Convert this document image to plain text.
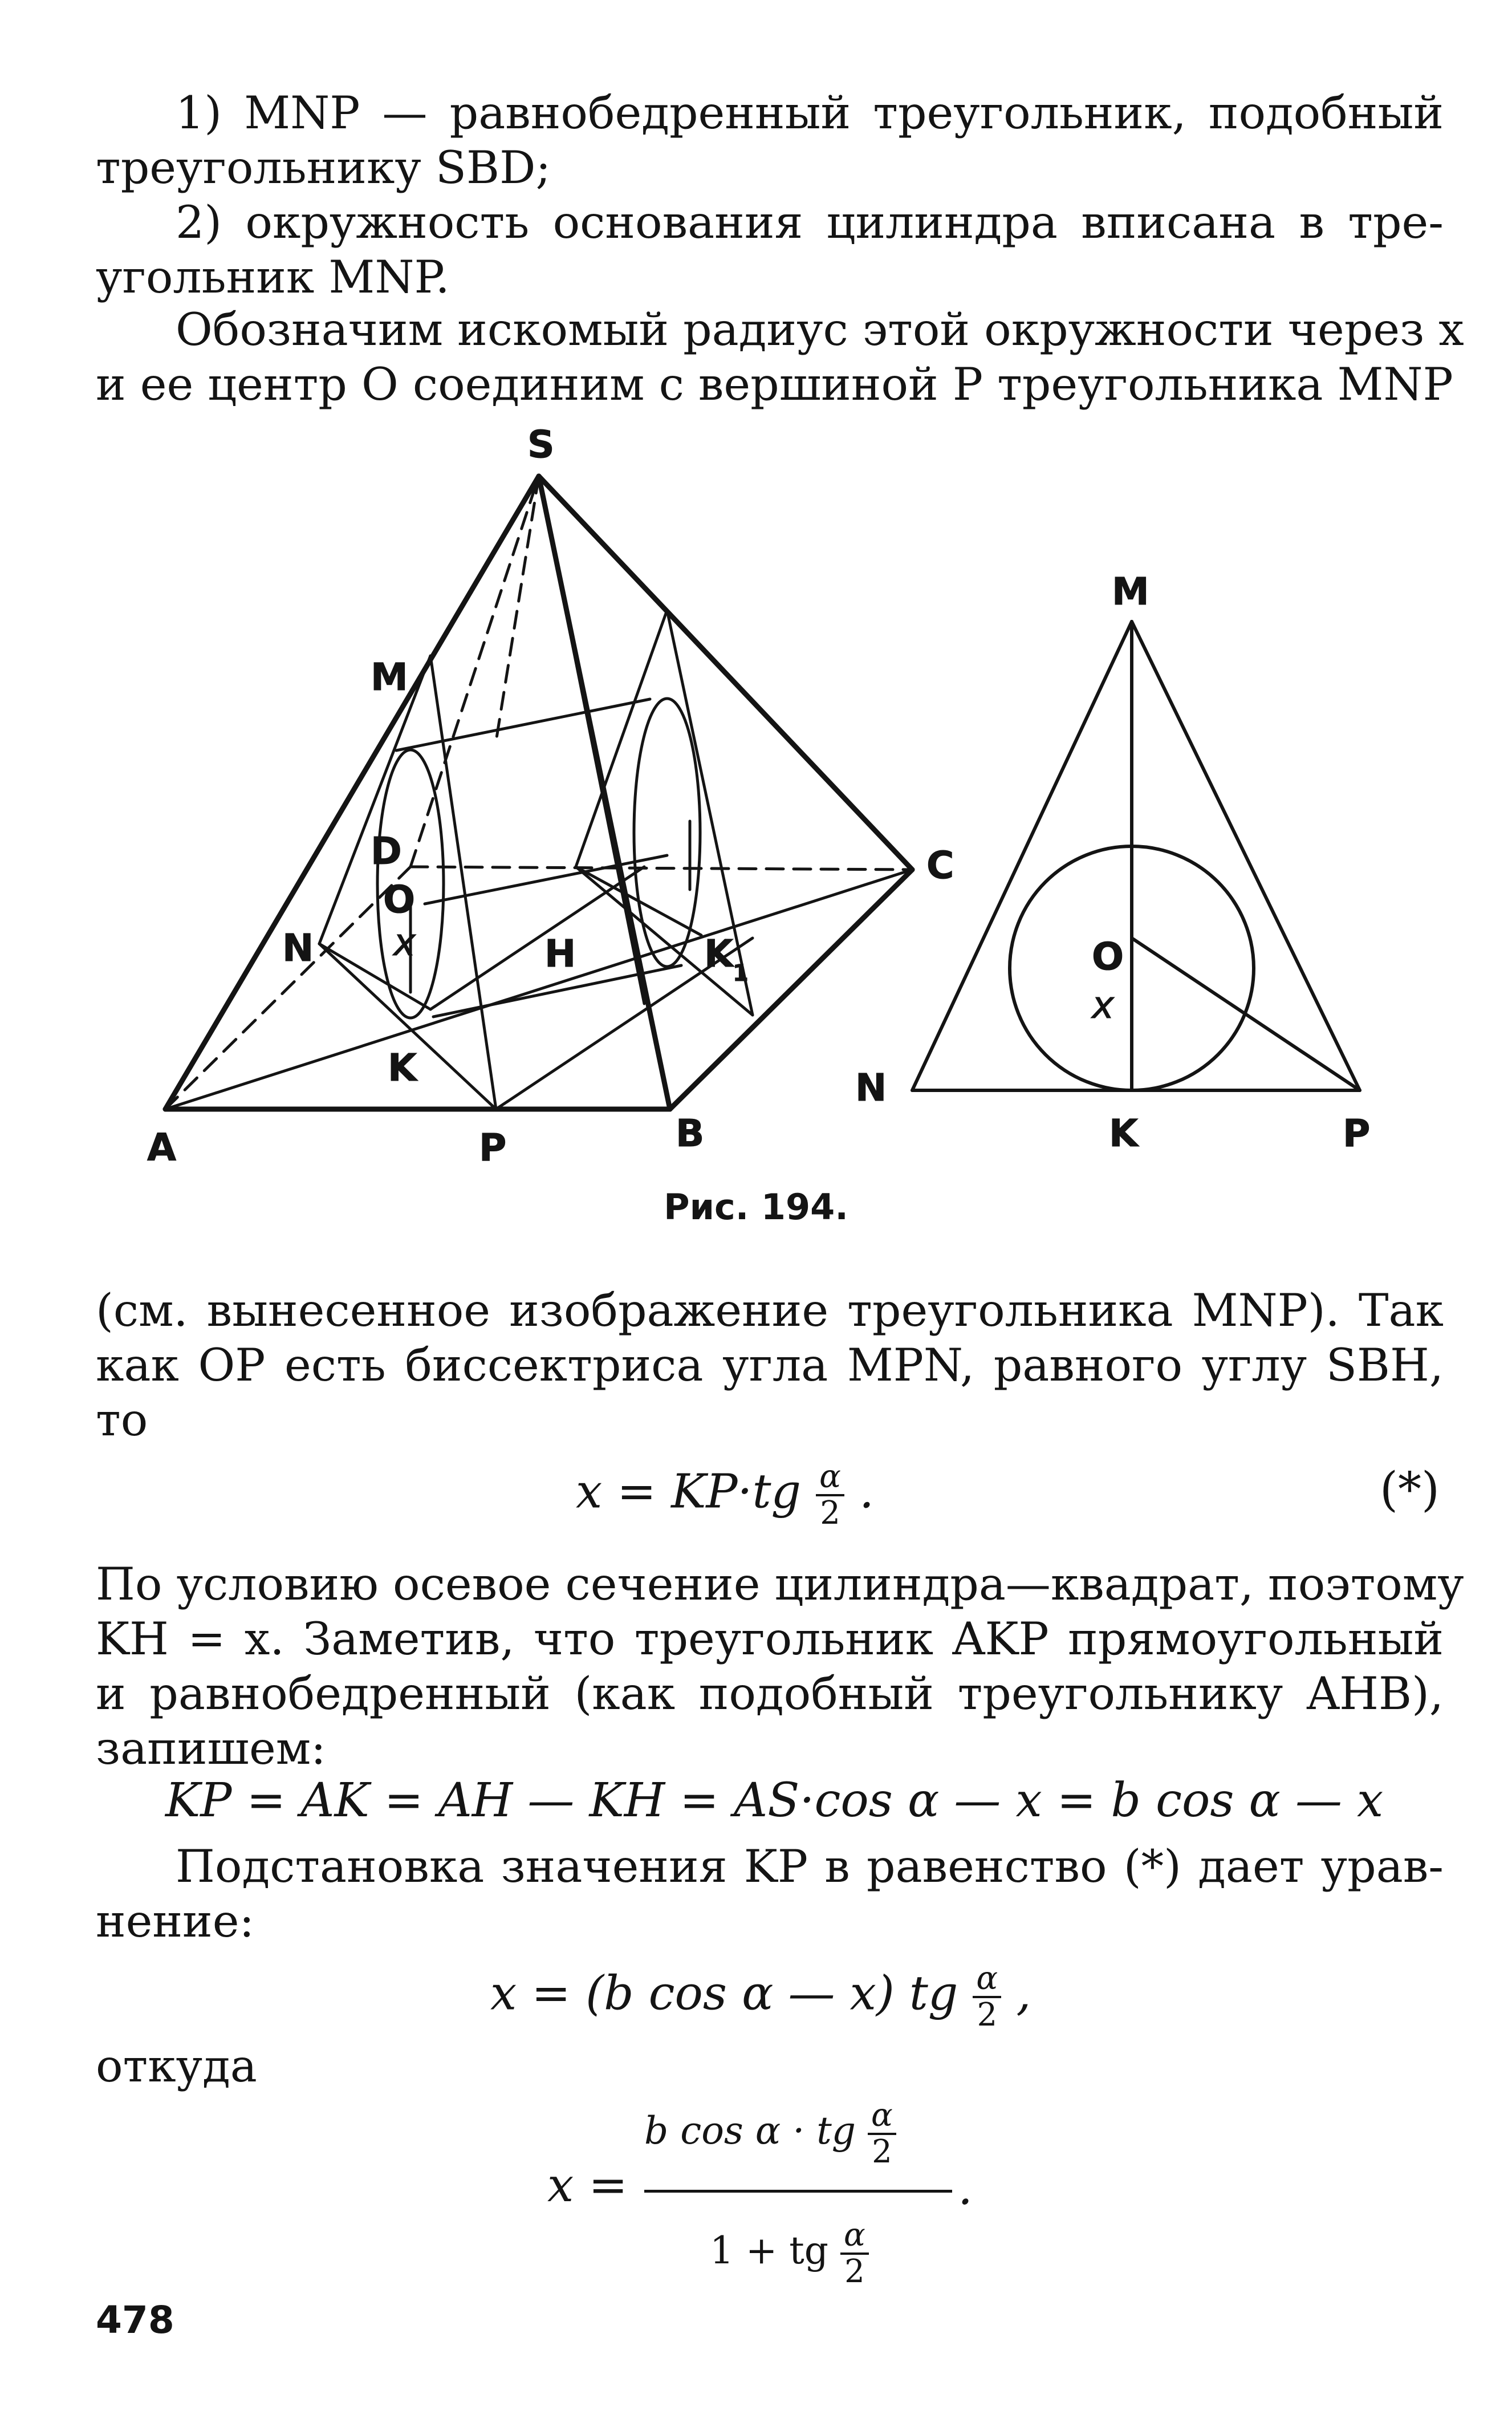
1) MNP — равнобедренный треугольник, подобный
треугольнику SBD;
2) окружность основания цилиндра вписана в тре-
угольник MNP.
Обозначим искомый радиус этой окружности через x
и ее центр O соединим с вершиной P треугольника MNP
S
M
D
O
x
N	H	K
1
K
A	P	B
C
M
O
x
N
K	P
Рис. 194.
(см. вынесенное изображение треугольника MNP). Так
как OP есть биссектриса угла MPN, равного углу SBH,
то
$x = KP\cdot tg \frac{\alpha}{2}$ .	(*)
По условию осевое сечение цилиндра—квадрат, поэтому
KH = x. Заметив, что треугольник AKP прямоугольный
и равнобедренный (как подобный треугольнику AHB),
запишем:
KP = AK = AH — KH = AS·cos α — x = b cos α — x
Подстановка значения KP в равенство (*) дает урав-
нение:
x = (b cos α — x) tg $\frac{\alpha}{2}$ ,
откуда
x =
b cos α · tg $\frac{\alpha}{2}$
1 + tg $\frac{\alpha}{2}$
.
478
